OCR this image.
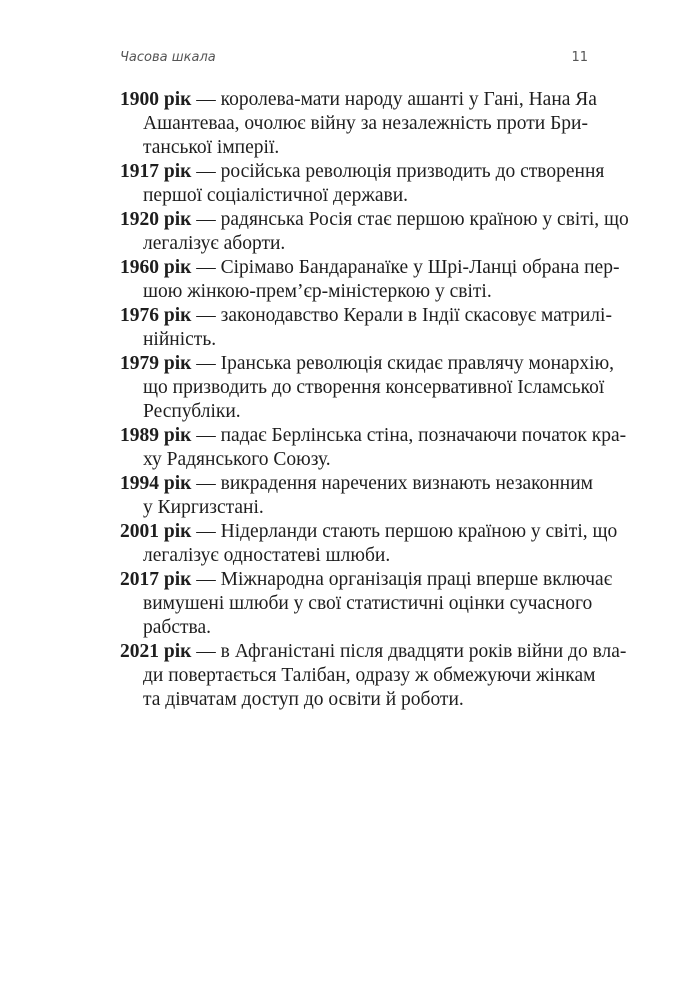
Часова шкала	11
1900 рік — королева-мати народу ашанті у Гані, Нана Яа
Ашантеваа, очолює війну за незалежність проти Бри-
танської імперії.
1917 рік — російська революція призводить до створення
першої соціалістичної держави.
1920 рік — радянська Росія стає першою країною у світі, що
легалізує аборти.
1960 рік — Сірімаво Бандаранаїке у Шрі-Ланці обрана пер-
шою жінкою-прем’єр-міністеркою у світі.
1976 рік — законодавство Керали в Індії скасовує матрилі-
нійність.
1979 рік — Іранська революція скидає правлячу монархію,
що призводить до створення консервативної Ісламської
Республіки.
1989 рік — падає Берлінська стіна, позначаючи початок кра-
ху Радянського Союзу.
1994 рік — викрадення наречених визнають незаконним
у Киргизстані.
2001 рік — Нідерланди стають першою країною у світі, що
легалізує одностатеві шлюби.
2017 рік — Міжнародна організація праці вперше включає
вимушені шлюби у свої статистичні оцінки сучасного
рабства.
2021 рік — в Афганістані після двадцяти років війни до вла-
ди повертається Талібан, одразу ж обмежуючи жінкам
та дівчатам доступ до освіти й роботи.
